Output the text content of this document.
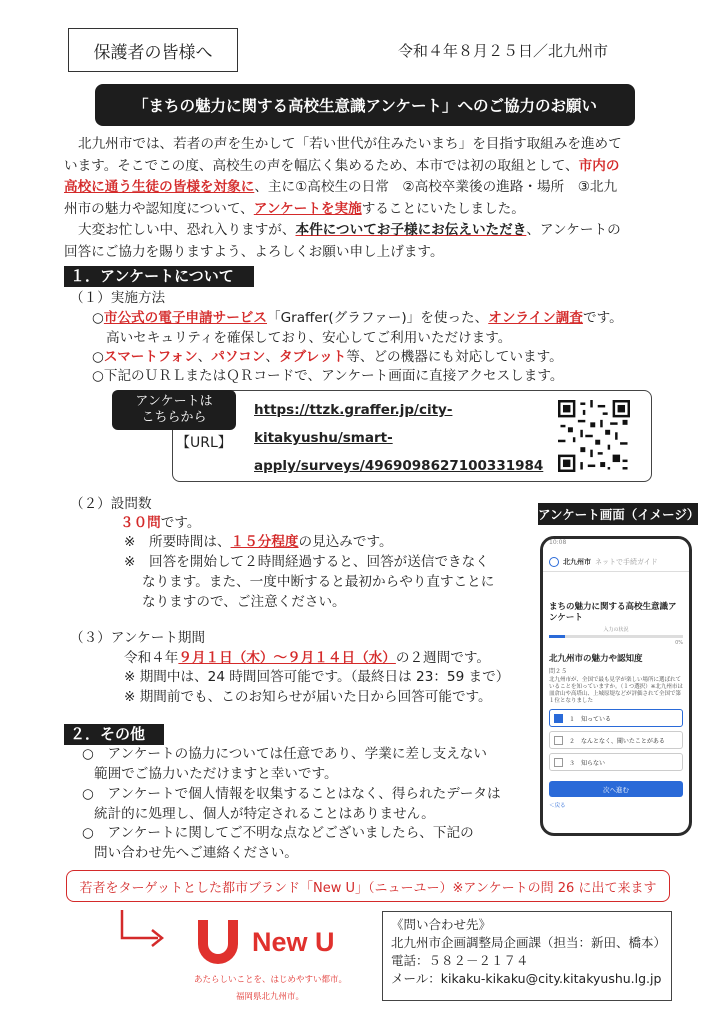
保護者の皆様へ	令和４年８月２５日／北九州市
「まちの魅力に関する高校生意識アンケート」へのご協力のお願い
北九州市では、若者の声を生かして「若い世代が住みたいまち」を目指す取組みを進めて
います。そこでこの度、高校生の声を幅広く集めるため、本市では初の取組として、市内の
高校に通う生徒の皆様を対象に、主に①高校生の日常　②高校卒業後の進路・場所　③北九
州市の魅力や認知度について、アンケートを実施することにいたしました。
大変お忙しい中、恐れ入りますが、本件についてお子様にお伝えいただき、アンケートの
回答にご協力を賜りますよう、よろしくお願い申し上げます。
１．アンケートについて
（１）実施方法
○市公式の電子申請サービス「Graffer(グラファー)」を使った、オンライン調査です。
高いセキュリティを確保しており、安心してご利用いただけます。
○スマートフォン、パソコン、タブレット等、どの機器にも対応しています。
○下記のＵＲＬまたはＱＲコードで、アンケート画面に直接アクセスします。
アンケートは
こちらから
【URL】
https://ttzk.graffer.jp/city-
kitakyushu/smart-
apply/surveys/4969098627100331984
（２）設問数
３０問です。
※　所要時間は、１５分程度の見込みです。
※　回答を開始して２時間経過すると、回答が送信できなく
なります。また、一度中断すると最初からやり直すことに
なりますので、ご注意ください。
（３）アンケート期間
令和４年９月１日（木）～９月１４日（水）の２週間です。
※ 期間中は、24 時間回答可能です。（最終日は 23：59 まで）
※ 期間前でも、このお知らせが届いた日から回答可能です。
アンケート画面（イメージ）
10:08
北九州市 ネットで手続ガイド
まちの魅力に関する高校生意識アンケート
入力の状況
0%
北九州市の魅力や認知度
問２５
北九州市が、全国で最も見学が楽しい場所に選ばれていることを知っていますか。（１つ選択）※北九州市は皿倉山や高塔山、上城原堤などが評価されて全国で第１位となりました
１　知っている
２　なんとなく、聞いたことがある
３　知らない
次へ進む
＜戻る
２．その他
○　アンケートの協力については任意であり、学業に差し支えない
範囲でご協力いただけますと幸いです。
○　アンケートで個人情報を収集することはなく、得られたデータは
統計的に処理し、個人が特定されることはありません。
○　アンケートに関してご不明な点などございましたら、下記の
問い合わせ先へご連絡ください。
若者をターゲットとした都市ブランド「New U」（ニューユー）※アンケートの問 26 に出て来ます
New U
あたらしいことを、はじめやすい都市。
福岡県北九州市。
《問い合わせ先》
北九州市企画調整局企画課（担当：新田、橋本）
電話：５８２－２１７４
メール：kikaku-kikaku@city.kitakyushu.lg.jp
